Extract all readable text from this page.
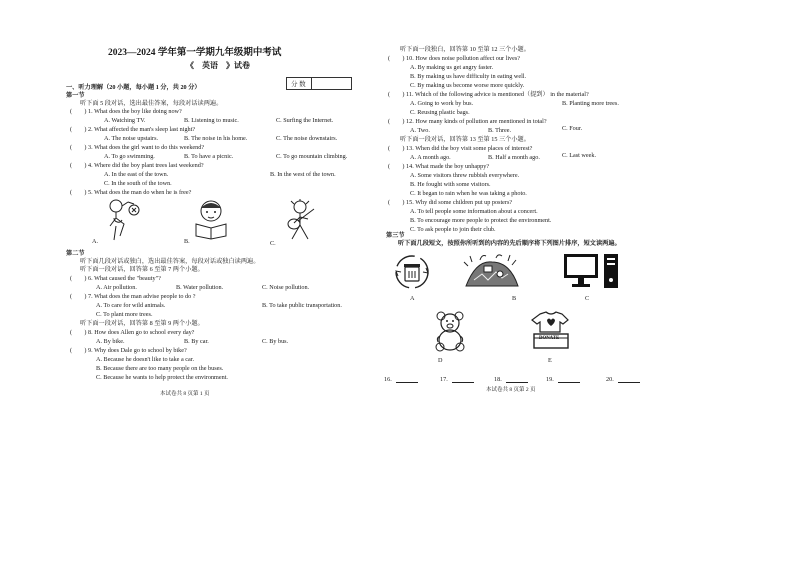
2023—2024 学年第一学期九年级期中考试
《　英语　》试卷
分 数
一、听力理解（20 小题，每小题 1 分，共 20 分）
第一节
听下面 5 段对话，选出最佳答案，每段对话读两遍。
(　　) 1. What does the boy like doing now?
A. Watching TV.	B. Listening to music.	C. Surfing the Internet.
(　　) 2. What affected the man's sleep last night?
A. The noise upstairs.	B. The noise in his home.	C. The noise downstairs.
(　　) 3. What does the girl want to do this weekend?
A. To go swimming.	B. To have a picnic.	C. To go mountain climbing.
(　　) 4. Where did the boy plant trees last weekend?
A. In the east of the town.	B. In the west of the town.
C. In the south of the town.
(　　) 5. What does the man do when he is free?
A.	B.	C.
第二节
听下面几段对话或独白，选出最佳答案，每段对话或独白读两遍。
听下面一段对话，回答第 6 至第 7 两个小题。
(　　) 6. What caused the "beauty"?
A. Air pollution.	B. Water pollution.	C. Noise pollution.
(　　) 7. What does the man advise people to do ?
A. To care for wild animals.	B. To take public transportation.
C. To plant more trees.
听下面一段对话，回答第 8 至第 9 两个小题。
(　　) 8. How does Allen go to school every day?
A. By bike.	B. By car.	C. By bus.
(　　) 9. Why does Dale go to school by bike?
A. Because he doesn't like to take a car.
B. Because there are too many people on the buses.
C. Because he wants to help protect the environment.
本试卷共 8 页第 1 页
听下面一段独白，回答第 10 至第 12 三个小题。
(　　) 10. How does noise pollution affect our lives?
A. By making us get angry faster.
B. By making us have difficulty in eating well.
C. By making us become worse more quickly.
(　　) 11. Which of the following advice is mentioned（提到） in the material?
A. Going to work by bus.	B. Planting more trees.
C. Reusing plastic bags.
(　　) 12. How many kinds of pollution are mentioned in total?
A. Two.	B. Three.	C. Four.
听下面一段对话，回答第 13 至第 15 三个小题。
(　　) 13. When did the boy visit some places of interest?
A. A month ago.	B. Half a month ago.	C. Last week.
(　　) 14. What made the boy unhappy?
A. Some visitors threw rubbish everywhere.
B. He fought with some visitors.
C. It began to rain when he was taking a photo.
(　　) 15. Why did some children put up posters?
A. To tell people some information about a concert.
B. To encourage more people to protect the environment.
C. To ask people to join their club.
第三节
听下面几段短文，按照你所听到的内容的先后顺序将下列图片排序，短文读两遍。
A	B	C
DONATE
D	E
16.	17.	18.	19.	20.
本试卷共 8 页第 2 页
